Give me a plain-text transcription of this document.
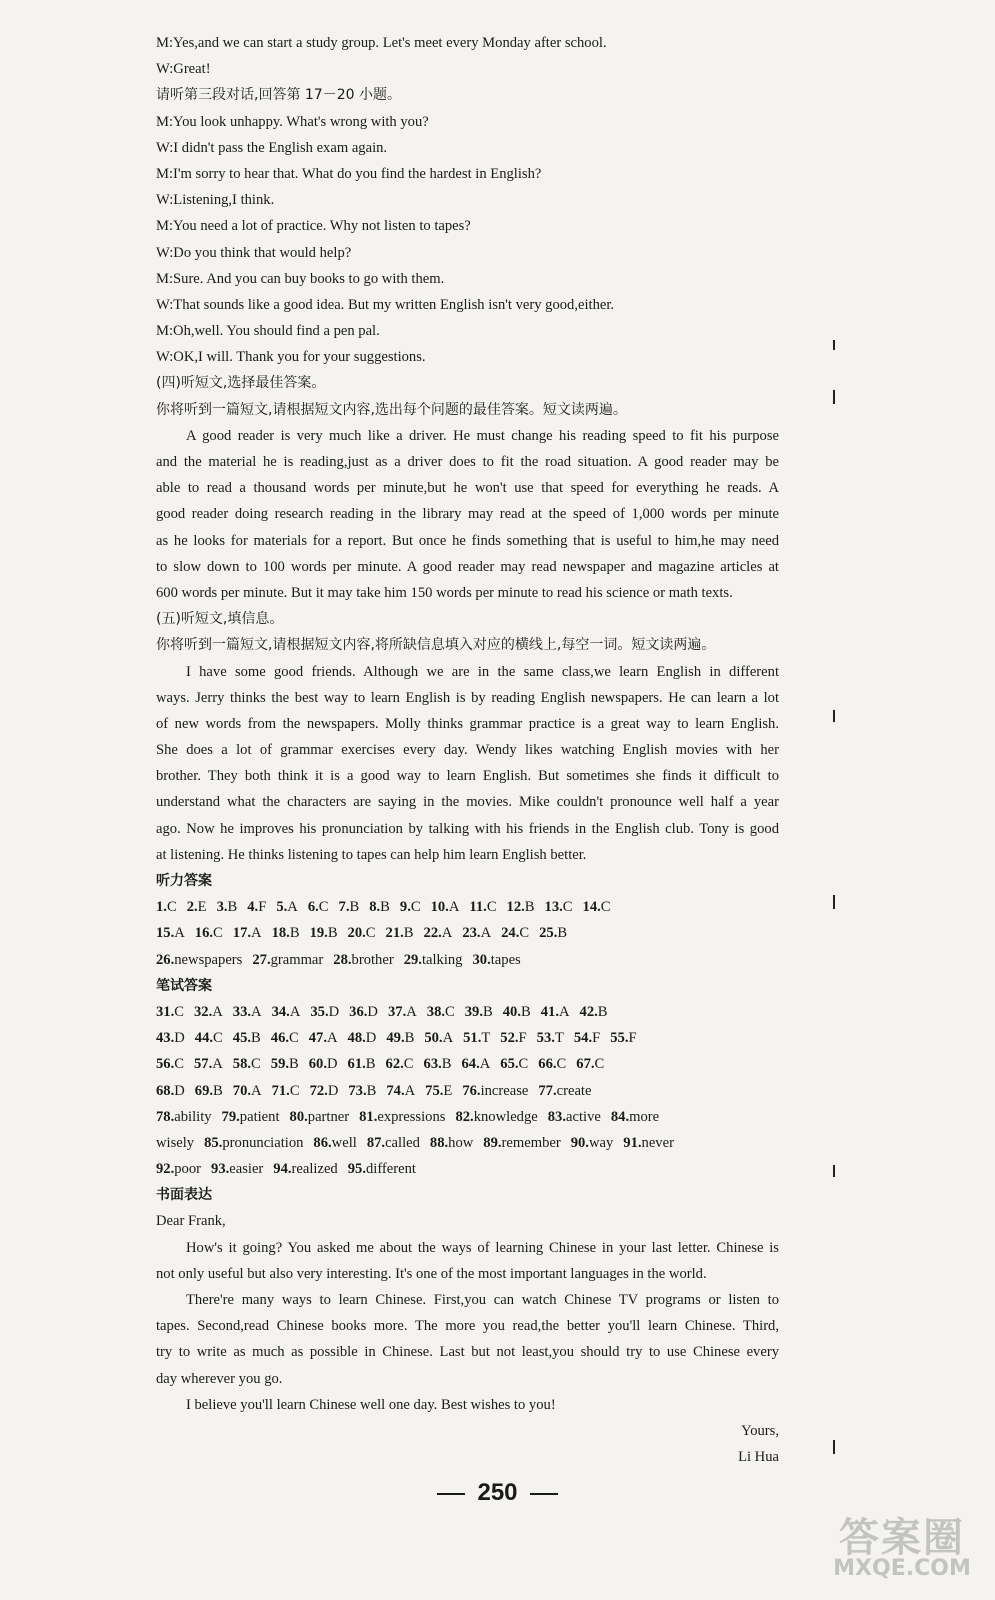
M:Yes,and we can start a study group. Let's meet every Monday after school.
W:Great!
请听第三段对话,回答第 17－20 小题。
M:You look unhappy. What's wrong with you?
W:I didn't pass the English exam again.
M:I'm sorry to hear that. What do you find the hardest in English?
W:Listening,I think.
M:You need a lot of practice. Why not listen to tapes?
W:Do you think that would help?
M:Sure. And you can buy books to go with them.
W:That sounds like a good idea. But my written English isn't very good,either.
M:Oh,well. You should find a pen pal.
W:OK,I will. Thank you for your suggestions.
(四)听短文,选择最佳答案。
你将听到一篇短文,请根据短文内容,选出每个问题的最佳答案。短文读两遍。
A good reader is very much like a driver. He must change his reading speed to fit his purpose
and the material he is reading,just as a driver does to fit the road situation. A good reader may be
able to read a thousand words per minute,but he won't use that speed for everything he reads. A
good reader doing research reading in the library may read at the speed of 1,000 words per minute
as he looks for materials for a report. But once he finds something that is useful to him,he may need
to slow down to 100 words per minute. A good reader may read newspaper and magazine articles at
600 words per minute. But it may take him 150 words per minute to read his science or math texts.
(五)听短文,填信息。
你将听到一篇短文,请根据短文内容,将所缺信息填入对应的横线上,每空一词。短文读两遍。
I have some good friends. Although we are in the same class,we learn English in different
ways. Jerry thinks the best way to learn English is by reading English newspapers. He can learn a lot
of new words from the newspapers. Molly thinks grammar practice is a great way to learn English.
She does a lot of grammar exercises every day. Wendy likes watching English movies with her
brother. They both think it is a good way to learn English. But sometimes she finds it difficult to
understand what the characters are saying in the movies. Mike couldn't pronounce well half a year
ago. Now he improves his pronunciation by talking with his friends in the English club. Tony is good
at listening. He thinks listening to tapes can help him learn English better.
听力答案
1.C 2.E 3.B 4.F 5.A 6.C 7.B 8.B 9.C 10.A 11.C 12.B 13.C 14.C
15.A 16.C 17.A 18.B 19.B 20.C 21.B 22.A 23.A 24.C 25.B
26.newspapers 27.grammar 28.brother 29.talking 30.tapes
笔试答案
31.C 32.A 33.A 34.A 35.D 36.D 37.A 38.C 39.B 40.B 41.A 42.B
43.D 44.C 45.B 46.C 47.A 48.D 49.B 50.A 51.T 52.F 53.T 54.F 55.F
56.C 57.A 58.C 59.B 60.D 61.B 62.C 63.B 64.A 65.C 66.C 67.C
68.D 69.B 70.A 71.C 72.D 73.B 74.A 75.E 76.increase 77.create
78.ability 79.patient 80.partner 81.expressions 82.knowledge 83.active 84.more
wisely 85.pronunciation 86.well 87.called 88.how 89.remember 90.way 91.never
92.poor 93.easier 94.realized 95.different
书面表达
Dear Frank,
How's it going? You asked me about the ways of learning Chinese in your last letter. Chinese is
not only useful but also very interesting. It's one of the most important languages in the world.
There're many ways to learn Chinese. First,you can watch Chinese TV programs or listen to
tapes. Second,read Chinese books more. The more you read,the better you'll learn Chinese. Third,
try to write as much as possible in Chinese. Last but not least,you should try to use Chinese every
day wherever you go.
I believe you'll learn Chinese well one day. Best wishes to you!
Yours,
Li Hua
250
答案圈
MXQE.COM
